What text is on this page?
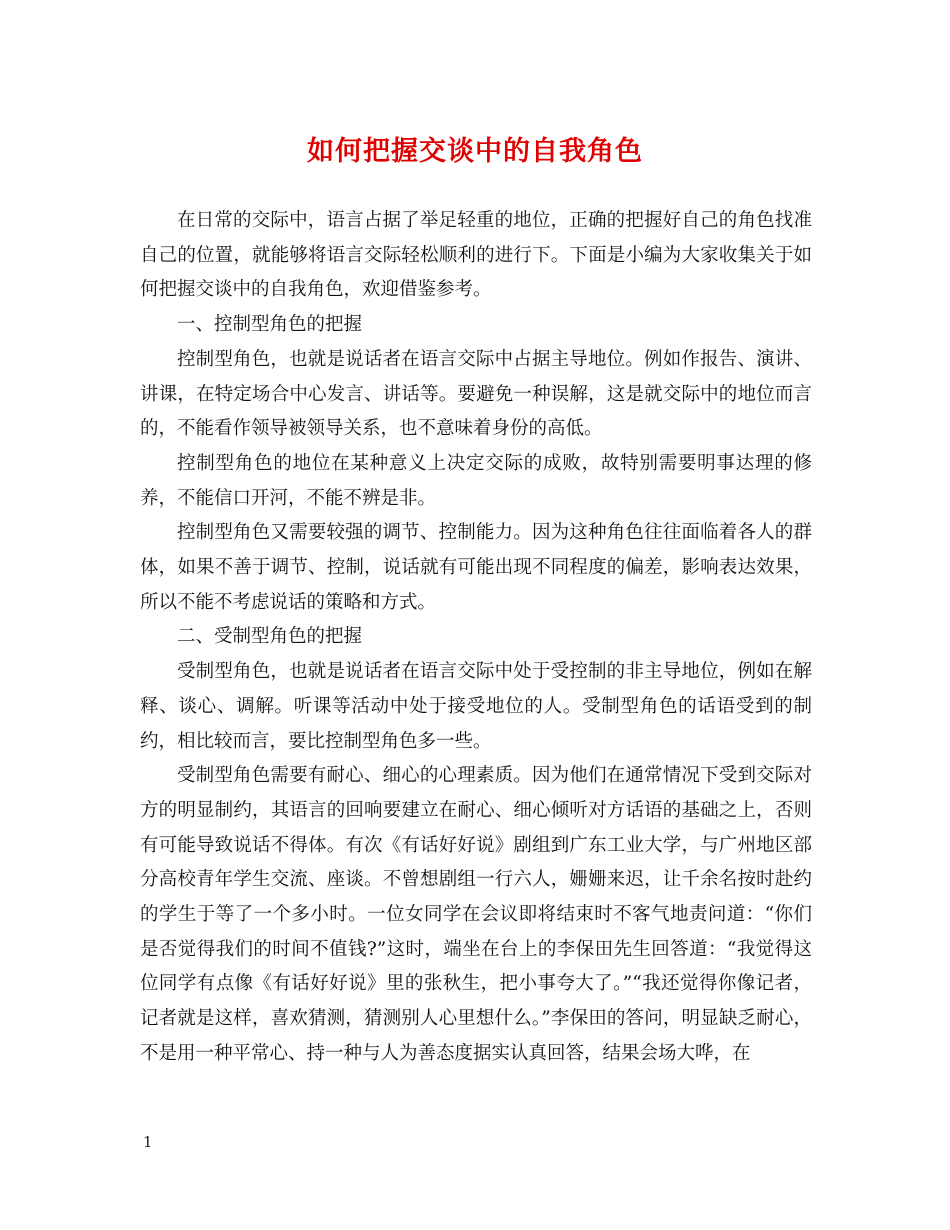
如何把握交谈中的自我角色

在日常的交际中，语言占据了举足轻重的地位，正确的把握好自己的角色找准自己的位置，就能够将语言交际轻松顺利的进行下。下面是小编为大家收集关于如何把握交谈中的自我角色，欢迎借鉴参考。

一、控制型角色的把握

控制型角色，也就是说话者在语言交际中占据主导地位。例如作报告、演讲、讲课，在特定场合中心发言、讲话等。要避免一种误解，这是就交际中的地位而言的，不能看作领导被领导关系，也不意味着身份的高低。

控制型角色的地位在某种意义上决定交际的成败，故特别需要明事达理的修养，不能信口开河，不能不辨是非。

控制型角色又需要较强的调节、控制能力。因为这种角色往往面临着各人的群体，如果不善于调节、控制，说话就有可能出现不同程度的偏差，影响表达效果，所以不能不考虑说话的策略和方式。

二、受制型角色的把握

受制型角色，也就是说话者在语言交际中处于受控制的非主导地位，例如在解释、谈心、调解。听课等活动中处于接受地位的人。受制型角色的话语受到的制约，相比较而言，要比控制型角色多一些。

受制型角色需要有耐心、细心的心理素质。因为他们在通常情况下受到交际对方的明显制约，其语言的回响要建立在耐心、细心倾听对方话语的基础之上，否则有可能导致说话不得体。有次《有话好好说》剧组到广东工业大学，与广州地区部分高校青年学生交流、座谈。不曾想剧组一行六人，姗姗来迟，让千余名按时赴约的学生于等了一个多小时。一位女同学在会议即将结束时不客气地责问道：“你们是否觉得我们的时间不值钱?”这时，端坐在台上的李保田先生回答道：“我觉得这位同学有点像《有话好好说》里的张秋生，把小事夸大了。”“我还觉得你像记者，记者就是这样，喜欢猜测，猜测别人心里想什么。”李保田的答问，明显缺乏耐心，不是用一种平常心、持一种与人为善态度据实认真回答，结果会场大哗，在

1
